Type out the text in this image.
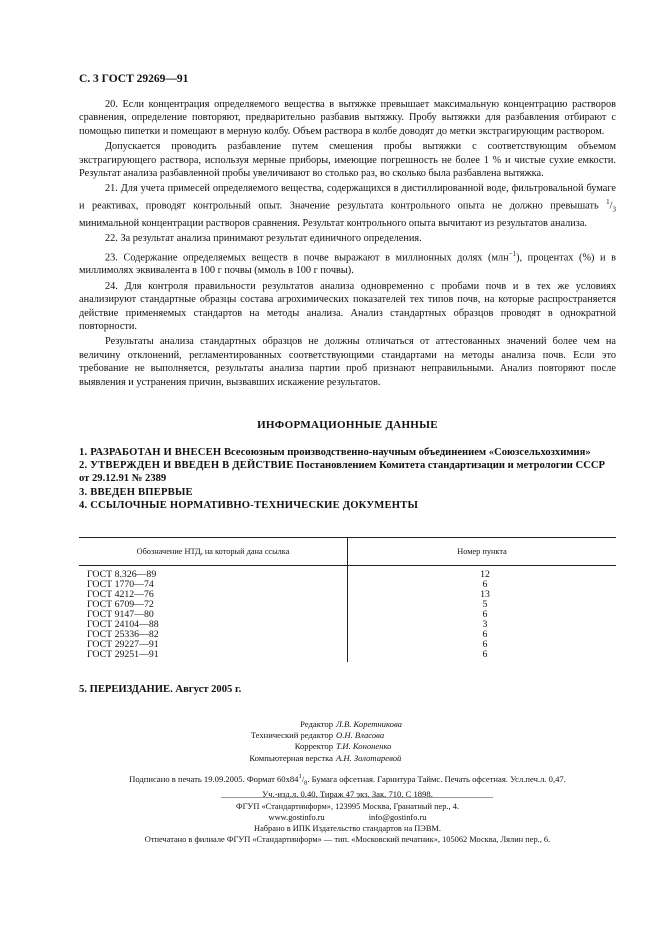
С. 3 ГОСТ 29269—91

20. Если концентрация определяемого вещества в вытяжке превышает максимальную концентрацию растворов сравнения, определение повторяют, предварительно разбавив вытяжку. Пробу вытяжки для разбавления отбирают с помощью пипетки и помещают в мерную колбу. Объем раствора в колбе доводят до метки экстрагирующим раствором.

Допускается проводить разбавление путем смешения пробы вытяжки с соответствующим объемом экстрагирующего раствора, используя мерные приборы, имеющие погрешность не более 1 % и чистые сухие емкости. Результат анализа разбавленной пробы увеличивают во столько раз, во сколько была разбавлена вытяжка.

21. Для учета примесей определяемого вещества, содержащихся в дистиллированной воде, фильтровальной бумаге и реактивах, проводят контрольный опыт. Значение результата контрольного опыта не должно превышать $^1/_3$ минимальной концентрации растворов сравнения. Результат контрольного опыта вычитают из результатов анализа.

22. За результат анализа принимают результат единичного определения.

23. Содержание определяемых веществ в почве выражают в миллионных долях (млн$^{-1}$), процентах (%) и в миллимолях эквивалента в 100 г почвы (ммоль в 100 г почвы).

24. Для контроля правильности результатов анализа одновременно с пробами почв и в тех же условиях анализируют стандартные образцы состава агрохимических показателей тех типов почв, на которые распространяется действие применяемых стандартов на методы анализа. Анализ стандартных образцов проводят в однократной повторности.

Результаты анализа стандартных образцов не должны отличаться от аттестованных значений более чем на величину отклонений, регламентированных соответствующими стандартами на методы анализа почв. Если это требование не выполняется, результаты анализа партии проб признают неправильными. Анализ повторяют после выявления и устранения причин, вызвавших искажение результатов.

ИНФОРМАЦИОННЫЕ ДАННЫЕ
1. РАЗРАБОТАН И ВНЕСЕН Всесоюзным производственно-научным объединением «Союзсельхозхимия»
2. УТВЕРЖДЕН И ВВЕДЕН В ДЕЙСТВИЕ Постановлением Комитета стандартизации и метрологии СССР от 29.12.91 № 2389
3. ВВЕДЕН ВПЕРВЫЕ
4. ССЫЛОЧНЫЕ НОРМАТИВНО-ТЕХНИЧЕСКИЕ ДОКУМЕНТЫ
Обозначение НТД, на который дана ссылка	Номер пункта
ГОСТ 8.326—89	12
ГОСТ 1770—74	6
ГОСТ 4212—76	13
ГОСТ 6709—72	5
ГОСТ 9147—80	6
ГОСТ 24104—88	3
ГОСТ 25336—82	6
ГОСТ 29227—91	6
ГОСТ 29251—91	6
5. ПЕРЕИЗДАНИЕ. Август 2005 г.
Редактор Л.В. Коретникова
Технический редактор О.Н. Власова
Корректор Т.И. Кононенко
Компьютерная верстка А.Н. Золотаревой
Подписано в печать 19.09.2005. Формат $60х84^1/_8$. Бумага офсетная. Гарнитура Таймс. Печать офсетная. Усл.печ.л. 0,47.
Уч.-изд.л. 0,40. Тираж 47 экз. Зак. 710. С 1898.
ФГУП «Стандартинформ», 123995 Москва, Гранатный пер., 4.
www.gostinfo.ru	info@gostinfo.ru
Набрано в ИПК Издательство стандартов на ПЭВМ.
Отпечатано в филиале ФГУП «Стандартинформ» — тип. «Московский печатник», 105062 Москва, Лялин пер., 6.
